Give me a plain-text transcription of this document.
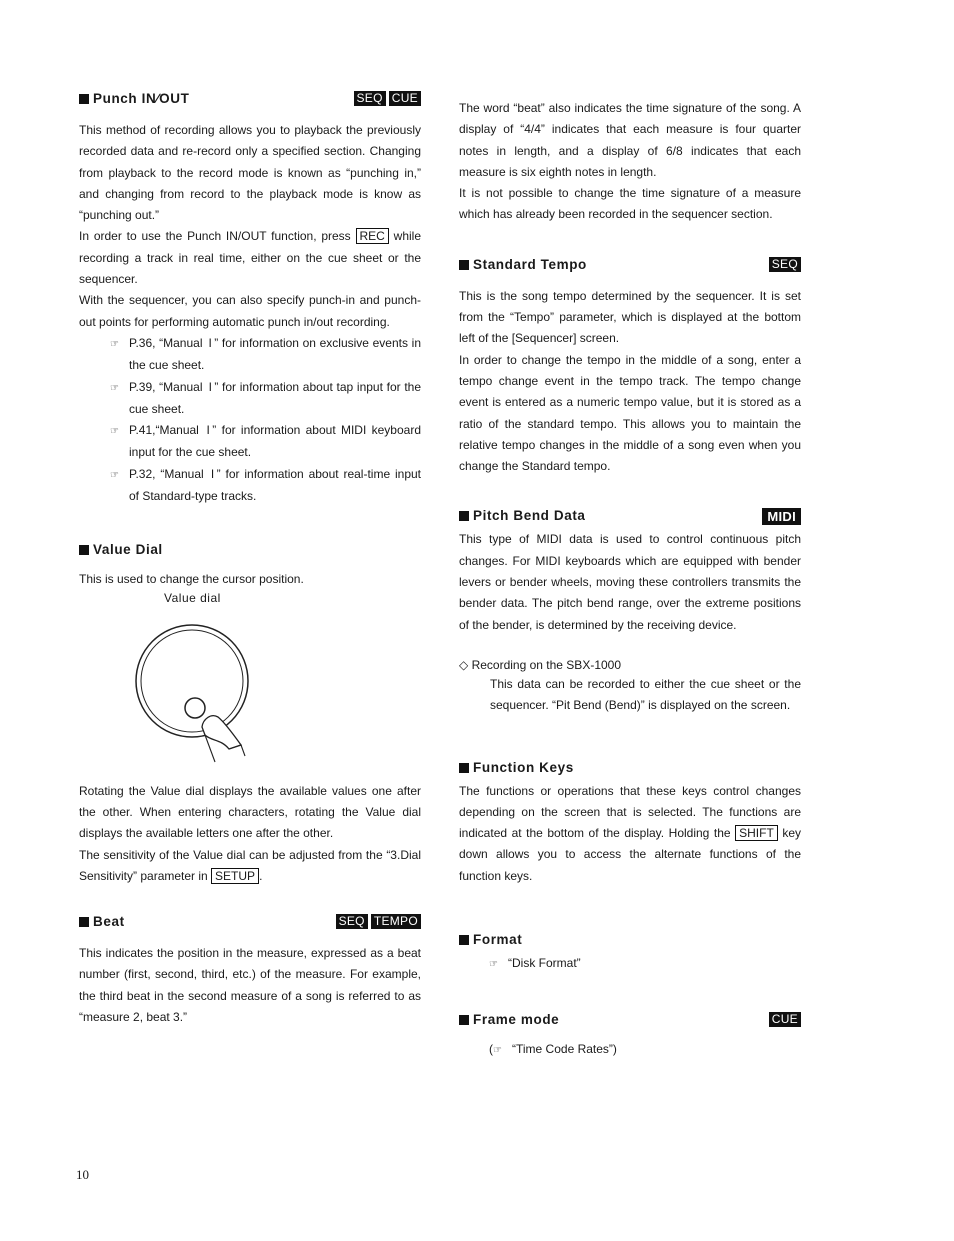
Punch IN∕OUT	SEQ CUE

This method of recording allows you to playback the previously recorded data and re-record only a specified section. Changing from playback to the record mode is known as “punching in,” and changing from record to the playback mode is know as “punching out.”

In order to use the Punch IN/OUT function, press REC while recording a track in real time, either on the cue sheet or the sequencer.

With the sequencer, you can also specify punch-in and punch-out points for performing automatic punch in/out recording.

☞ P.36, “Manual  I ” for information on exclusive events in the cue sheet.

☞ P.39, “Manual  I ” for information about tap input for the cue sheet.

☞ P.41,“Manual  I ” for information about MIDI keyboard input for the cue sheet.

☞ P.32, “Manual  I ” for information about real-time input of Standard-type tracks.

Value Dial

This is used to change the cursor position.

Value dial

Rotating the Value dial displays the available values one after the other. When entering characters, rotating the Value dial displays the available letters one after the other.

The sensitivity of the Value dial can be adjusted from the “3.Dial Sensitivity” parameter in SETUP .

Beat	SEQ TEMPO

This indicates the position in the measure, expressed as a beat number (first, second, third, etc.) of the measure. For example, the third beat in the second measure of a song is referred to as “measure 2, beat 3.”

The word “beat” also indicates the time signature of the song. A display of “4/4” indicates that each measure is four quarter notes in length, and a display of 6/8 indicates that each measure is six eighth notes in length.

It is not possible to change the time signature of a measure which has already been recorded in the sequencer section.

Standard Tempo	SEQ

This is the song tempo determined by the sequencer. It is set from the “Tempo” parameter, which is displayed at the bottom left of the [Sequencer] screen.

In order to change the tempo in the middle of a song, enter a tempo change event in the tempo track. The tempo change event is entered as a numeric tempo value, but it is stored as a ratio of the standard tempo. This allows you to maintain the relative tempo changes in the middle of a song even when you change the Standard tempo.

Pitch Bend Data	MIDI

This type of MIDI data is used to control continuous pitch changes. For MIDI keyboards which are equipped with bender levers or bender wheels, moving these controllers transmits the bender data. The pitch bend range, over the extreme positions of the bender, is determined by the receiving device.

◇ Recording on the SBX-1000

This data can be recorded to either the cue sheet or the sequencer. “Pit Bend (Bend)” is displayed on the screen.

Function Keys

The functions or operations that these keys control changes depending on the screen that is selected. The functions are indicated at the bottom of the display. Holding the SHIFT key down allows you to access the alternate functions of the function keys.

Format

☞ “Disk Format”

Frame mode	CUE

(☞ “Time Code Rates”)

10
